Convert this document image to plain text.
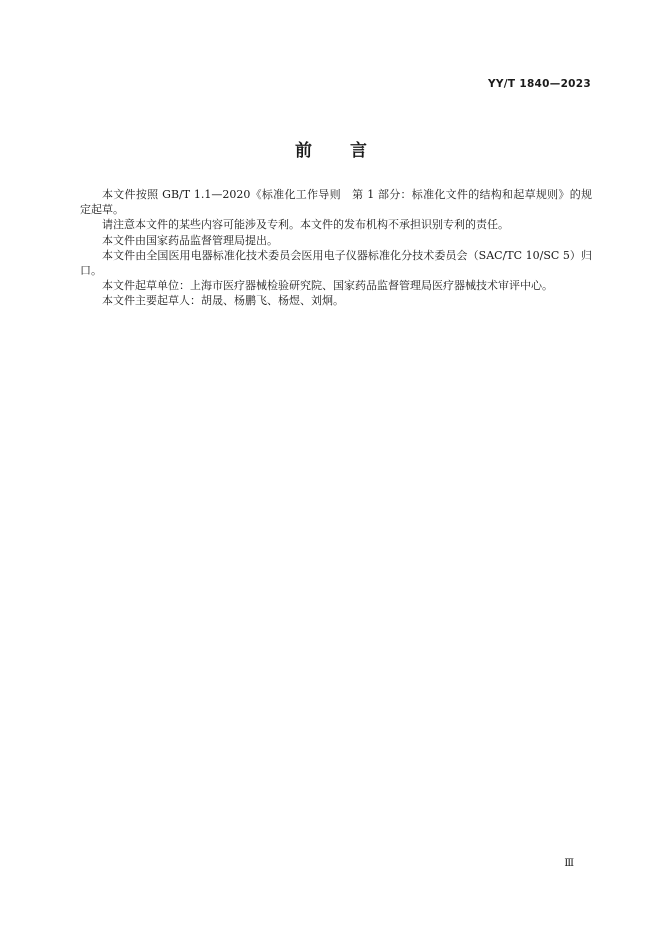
YY/T 1840—2023
前言

本文件按照 GB/T 1.1—2020《标准化工作导则　第 1 部分：标准化文件的结构和起草规则》的规定起草。

请注意本文件的某些内容可能涉及专利。本文件的发布机构不承担识别专利的责任。

本文件由国家药品监督管理局提出。

本文件由全国医用电器标准化技术委员会医用电子仪器标准化分技术委员会（SAC/TC 10/SC 5）归口。

本文件起草单位：上海市医疗器械检验研究院、国家药品监督管理局医疗器械技术审评中心。

本文件主要起草人：胡晟、杨鹏飞、杨煜、刘炯。

Ⅲ
